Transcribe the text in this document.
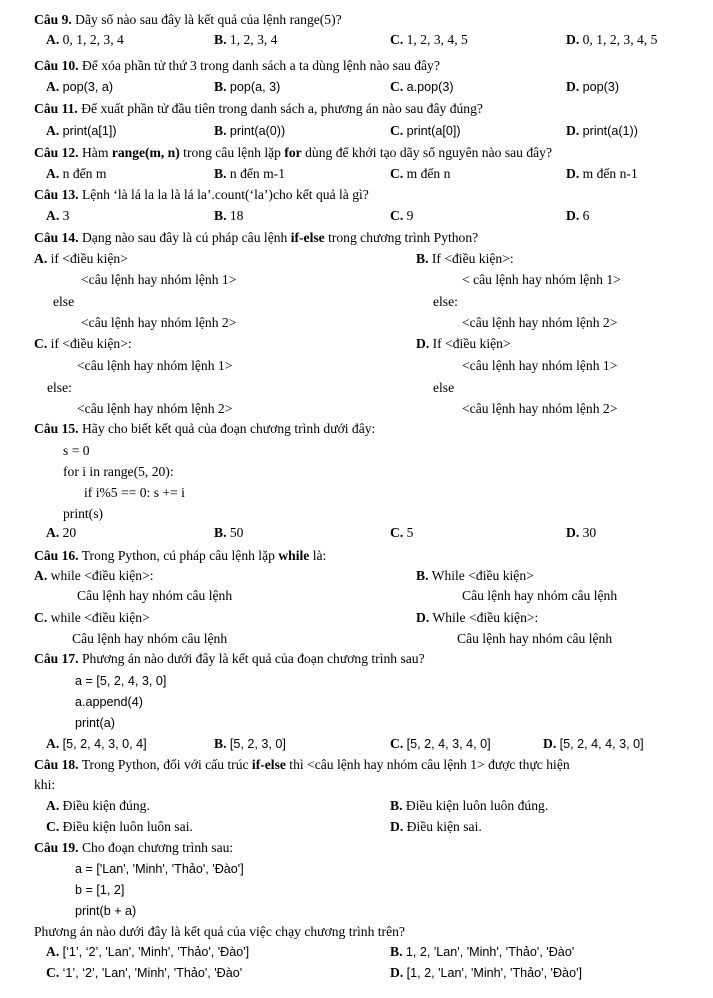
Câu 9. Dãy số nào sau đây là kết quả của lệnh range(5)?
A. 0, 1, 2, 3, 4	B. 1, 2, 3, 4	C. 1, 2, 3, 4, 5	D. 0, 1, 2, 3, 4, 5
Câu 10. Để xóa phần tử thứ 3 trong danh sách a ta dùng lệnh nào sau đây?
A. pop(3, a)	B. pop(a, 3)	C. a.pop(3)	D. pop(3)
Câu 11. Để xuất phần tử đầu tiên trong danh sách a, phương án nào sau đây đúng?
A. print(a[1])	B. print(a(0))	C. print(a[0])	D. print(a(1))
Câu 12. Hàm range(m, n) trong câu lệnh lặp for dùng để khởi tạo dãy số nguyên nào sau đây?
A. n đến m	B. n đến m-1	C. m đến n	D. m đến n-1
Câu 13. Lệnh ‘là lá la la là lá la’.count(‘la’)cho kết quả là gì?
A. 3	B. 18	C. 9	D. 6
Câu 14. Dạng nào sau đây là cú pháp câu lệnh if-else trong chương trình Python?
A. if <điều kiện>
<câu lệnh hay nhóm lệnh 1>
else
<câu lệnh hay nhóm lệnh 2>
B. If <điều kiện>:
< câu lệnh hay nhóm lệnh 1>
else:
<câu lệnh hay nhóm lệnh 2>
C. if <điều kiện>:
<câu lệnh hay nhóm lệnh 1>
else:
<câu lệnh hay nhóm lệnh 2>
D. If <điều kiện>
<câu lệnh hay nhóm lệnh 1>
else
<câu lệnh hay nhóm lệnh 2>
Câu 15. Hãy cho biết kết quả của đoạn chương trình dưới đây:
s = 0
for i in range(5, 20):
if i%5 == 0: s += i
print(s)
A. 20	B. 50	C. 5	D. 30
Câu 16. Trong Python, cú pháp câu lệnh lặp while là:
A. while <điều kiện>:
Câu lệnh hay nhóm câu lệnh
B. While <điều kiện>
Câu lệnh hay nhóm câu lệnh
C. while <điều kiện>
Câu lệnh hay nhóm câu lệnh
D. While <điều kiện>:
Câu lệnh hay nhóm câu lệnh
Câu 17. Phương án nào dưới đây là kết quả của đoạn chương trình sau?
a = [5, 2, 4, 3, 0]
a.append(4)
print(a)
A. [5, 2, 4, 3, 0, 4]	B. [5, 2, 3, 0]	C. [5, 2, 4, 3, 4, 0]	D. [5, 2, 4, 4, 3, 0]
Câu 18. Trong Python, đối với cấu trúc if-else thì <câu lệnh hay nhóm câu lệnh 1> được thực hiện
khi:
A. Điều kiện đúng.	B. Điều kiện luôn luôn đúng.
C. Điều kiện luôn luôn sai.	D. Điều kiện sai.
Câu 19. Cho đoạn chương trình sau:
a = ['Lan', 'Minh', 'Thảo', 'Đào']
b = [1, 2]
print(b + a)
Phương án nào dưới đây là kết quả của việc chạy chương trình trên?
A. [‘1’, ‘2’, 'Lan', 'Minh', 'Thảo', 'Đào']	B. 1, 2, 'Lan', 'Minh', 'Thảo', 'Đào'
C. ‘1’, ‘2’, 'Lan', 'Minh', 'Thảo', 'Đào'	D. [1, 2, 'Lan', 'Minh', 'Thảo', 'Đào']
